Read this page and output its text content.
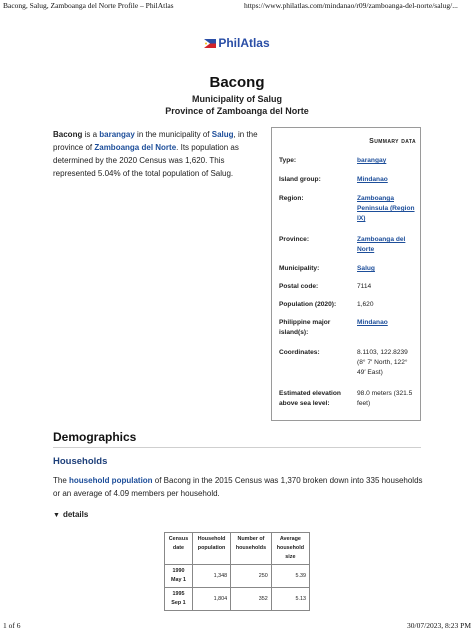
Bacong, Salug, Zamboanga del Norte Profile – PhilAtlas	https://www.philatlas.com/mindanao/r09/zamboanga-del-norte/salug/...
PhilAtlas
Bacong
Municipality of Salug
Province of Zamboanga del Norte
Bacong is a barangay in the municipality of Salug, in the province of Zamboanga del Norte. Its population as determined by the 2020 Census was 1,620. This represented 5.04% of the total population of Salug.
Summary data
Type:	barangay
Island group:	Mindanao
Region:	Zamboanga Peninsula (Region IX)
Province:	Zamboanga del Norte
Municipality:	Salug
Postal code:	7114
Population (2020):	1,620
Philippine major island(s):
Mindanao
Coordinates:	8.1103, 122.8239 (8° 7′ North, 122° 49′ East)
Estimated elevation above sea level:
98.0 meters (321.5 feet)
Demographics
Households
The household population of Bacong in the 2015 Census was 1,370 broken down into 335 households or an average of 4.09 members per household.
▼ details
Census date	Household population	Number of households	Average household size
1990 May 1	1,348	250	5.39
1995 Sep 1	1,804	352	5.13
1 of 6	30/07/2023, 8:23 PM
